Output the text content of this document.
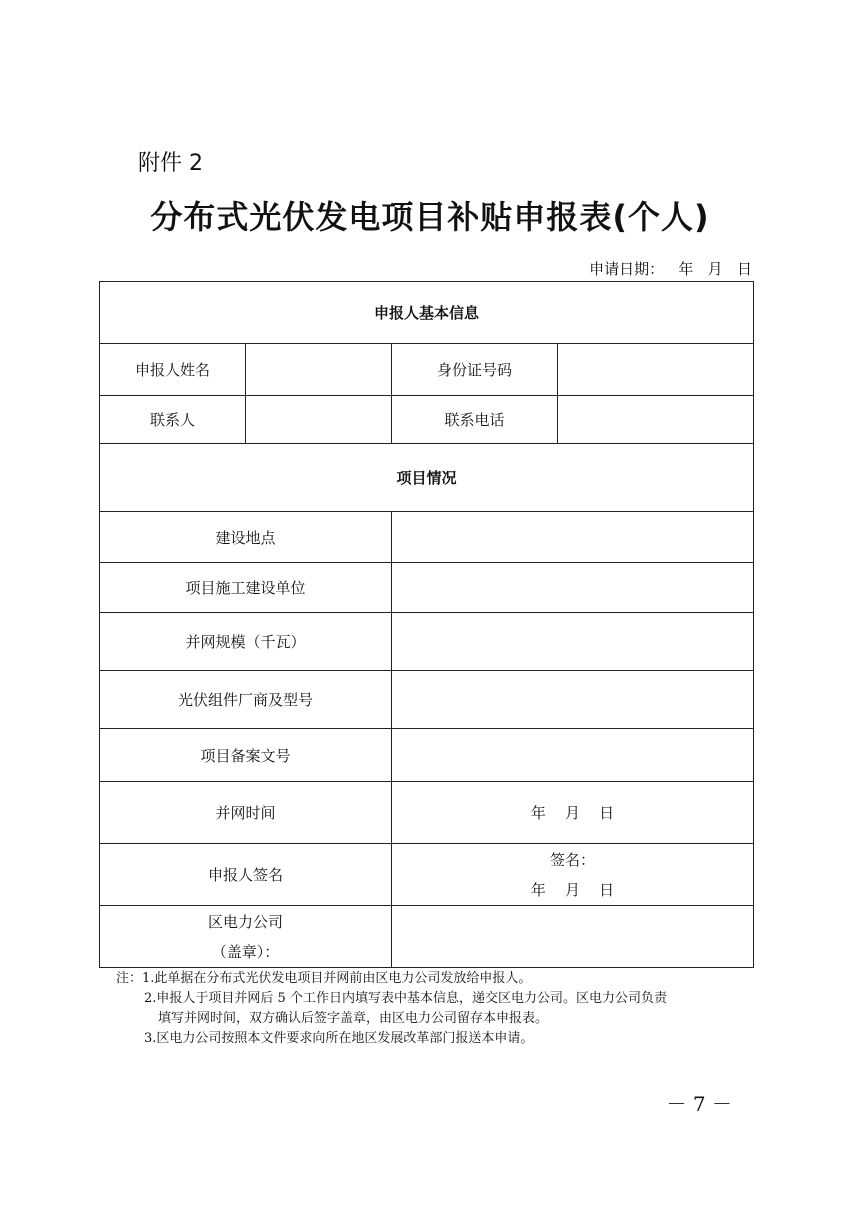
附件 2
分布式光伏发电项目补贴申报表(个人)
申请日期：   年   月   日
申报人基本信息			
申报人姓名		身份证号码	
联系人		联系电话	
项目情况			
建设地点			
项目施工建设单位			
并网规模（千瓦）			
光伏组件厂商及型号			
项目备案文号			
并网时间		年    月    日	
申报人签名		签名：
年    月    日	

区电力公司
（盖章）：			

注：1.此单据在分布式光伏发电项目并网前由区电力公司发放给申报人。
2.申报人于项目并网后 5 个工作日内填写表中基本信息，递交区电力公司。区电力公司负责
填写并网时间，双方确认后签字盖章，由区电力公司留存本申报表。
3.区电力公司按照本文件要求向所在地区发展改革部门报送本申请。
－ 7 －
